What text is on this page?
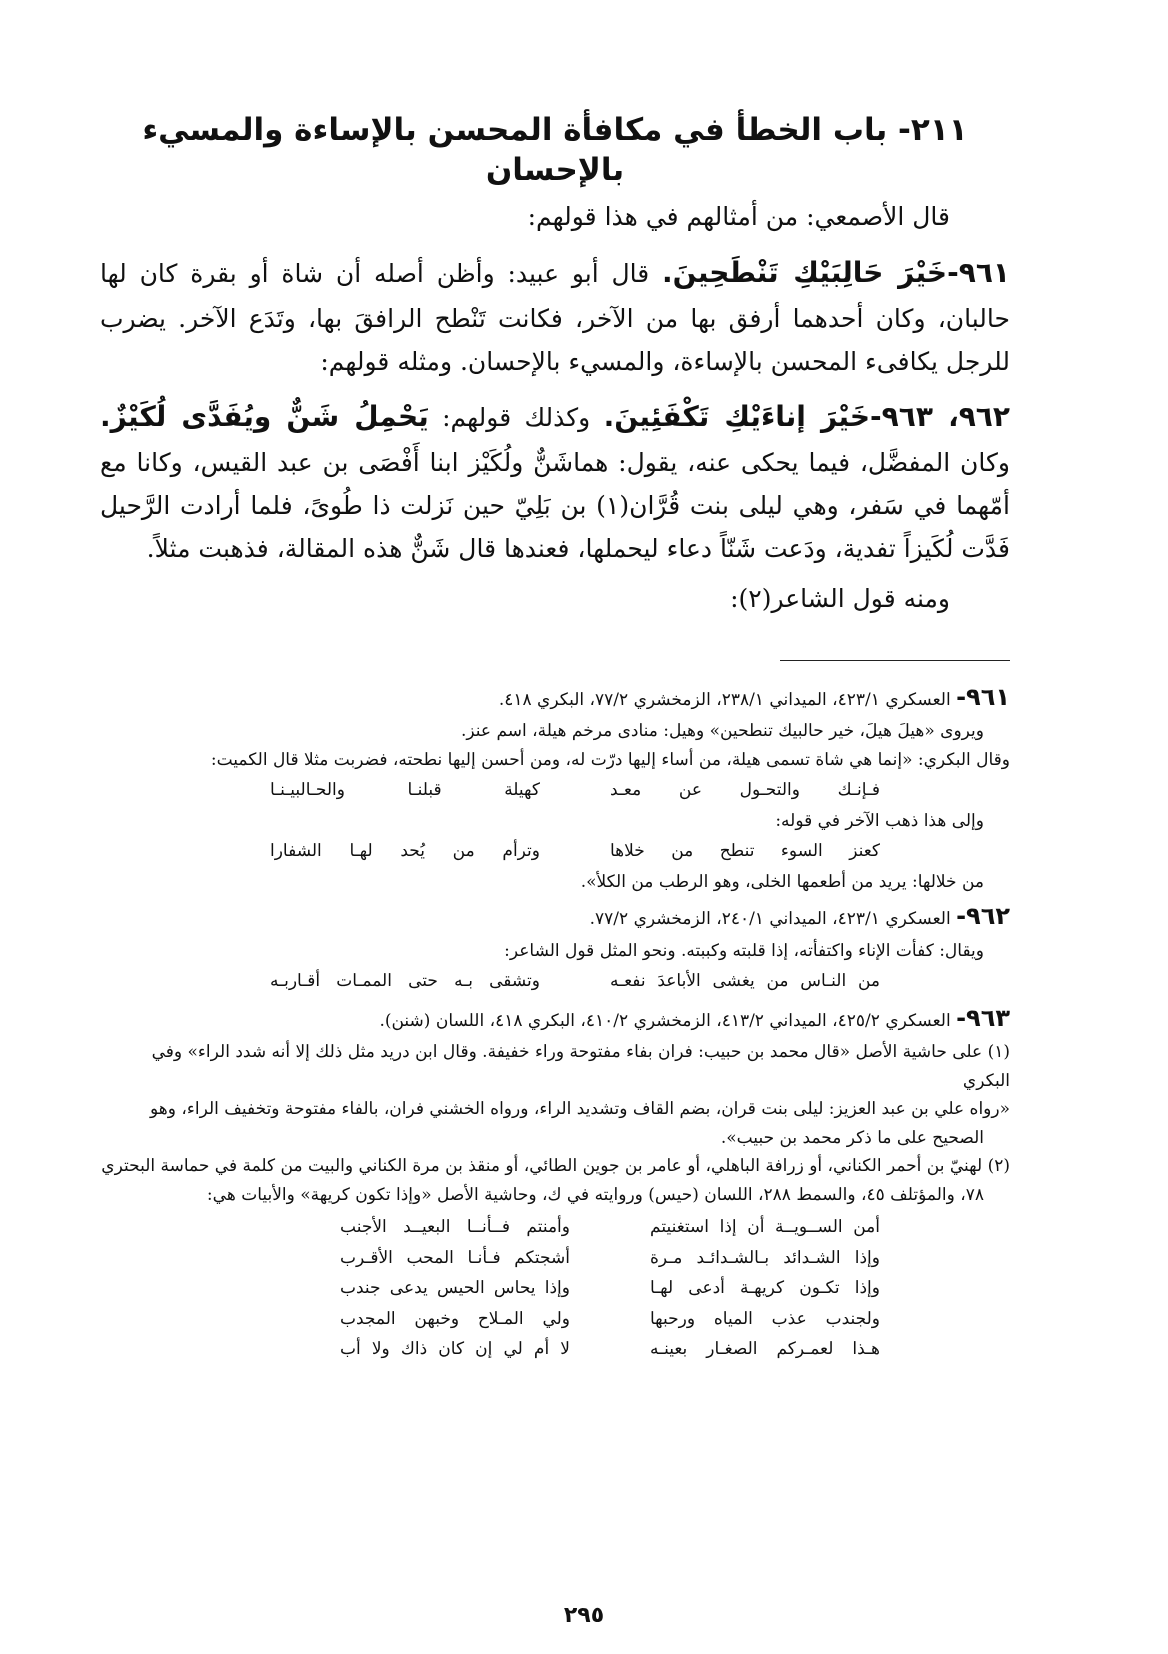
٢١١- باب الخطأ في مكافأة المحسن بالإساءة والمسيء بالإحسان

قال الأصمعي: من أمثالهم في هذا قولهم:

٩٦١-خَيْرَ حَالِبَيْكِ تَنْطَحِينَ. قال أبو عبيد: وأظن أصله أن شاة أو بقرة كان لها حالبان، وكان أحدهما أرفق بها من الآخر، فكانت تَنْطح الرافقَ بها، وتَدَع الآخر. يضرب للرجل يكافىء المحسن بالإساءة، والمسيء بالإحسان. ومثله قولهم:

٩٦٢، ٩٦٣-خَيْرَ إناءَيْكِ تَكْفَئِينَ. وكذلك قولهم: يَحْمِلُ شَنٌّ ويُفَدَّى لُكَيْزٌ. وكان المفضَّل، فيما يحكى عنه، يقول: هماشَنٌّ ولُكَيْز ابنا أَفْصَى بن عبد القيس، وكانا مع أمّهما في سَفر، وهي ليلى بنت قُرَّان(١) بن بَلِيّ حين نَزلت ذا طُوىً، فلما أرادت الرَّحيل فَدَّت لُكَيزاً تفدية، ودَعت شَنّاً دعاء ليحملها، فعندها قال شَنٌّ هذه المقالة، فذهبت مثلاً.

ومنه قول الشاعر(٢):

٩٦١- العسكري ٤٢٣/١، الميداني ٢٣٨/١، الزمخشري ٧٧/٢، البكري ٤١٨.

ويروى «هيلَ هيلَ، خير حالبيك تنطحين» وهيل: منادى مرخم هيلة، اسم عنز.

وقال البكري: «إنما هي شاة تسمى هيلة، من أساء إليها درّت له، ومن أحسن إليها نطحته، فضربت مثلا قال الكميت:

فـإنـك والتحـول عن معـد
كهيلة قبلنـا والحـالبيـنـا

وإلى هذا ذهب الآخر في قوله:

كعنز السوء تنطح من خلاها
وترأم من يُحد لهـا الشفارا

من خلالها: يريد من أطعمها الخلى، وهو الرطب من الكلأ».

٩٦٢- العسكري ٤٢٣/١، الميداني ٢٤٠/١، الزمخشري ٧٧/٢.

ويقال: كفأت الإناء واكتفأته، إذا قلبته وكببته. ونحو المثل قول الشاعر:

من النـاس من يغشى الأباعدَ نفعـه
وتشقى بـه حتى الممـات أقـاربـه

٩٦٣- العسكري ٤٢٥/٢، الميداني ٤١٣/٢، الزمخشري ٤١٠/٢، البكري ٤١٨، اللسان (شنن).

(١) على حاشية الأصل «قال محمد بن حبيب: فران بفاء مفتوحة وراء خفيفة. وقال ابن دريد مثل ذلك إلا أنه شدد الراء» وفي البكري

«رواه علي بن عبد العزيز: ليلى بنت قران، بضم القاف وتشديد الراء، ورواه الخشني فران، بالفاء مفتوحة وتخفيف الراء، وهو

الصحيح على ما ذكر محمد بن حبيب».

(٢) لهنيّ بن أحمر الكناني، أو زرافة الباهلي، أو عامر بن جوين الطائي، أو منقذ بن مرة الكناني والبيت من كلمة في حماسة البحتري

٧٨، والمؤتلف ٤٥، والسمط ٢٨٨، اللسان (حيس) وروايته في ك، وحاشية الأصل «وإذا تكون كريهة» والأبيات هي:

أمن الســويــة أن إذا استغنيتم
وأمنتم فــأنــا البعيــد الأجنب
وإذا الشـدائد بـالشـدائـد مـرة
أشجتكم فـأنـا المحب الأقـرب
وإذا تكـون كريهـة أدعى لهـا
وإذا يحاس الحيس يدعى جندب
ولجندب عذب المياه ورحبها
ولي المـلاح وخبهن المجدب
هـذا لعمـركم الصغـار بعينـه
لا أم لي إن كان ذاك ولا أب
٢٩٥
